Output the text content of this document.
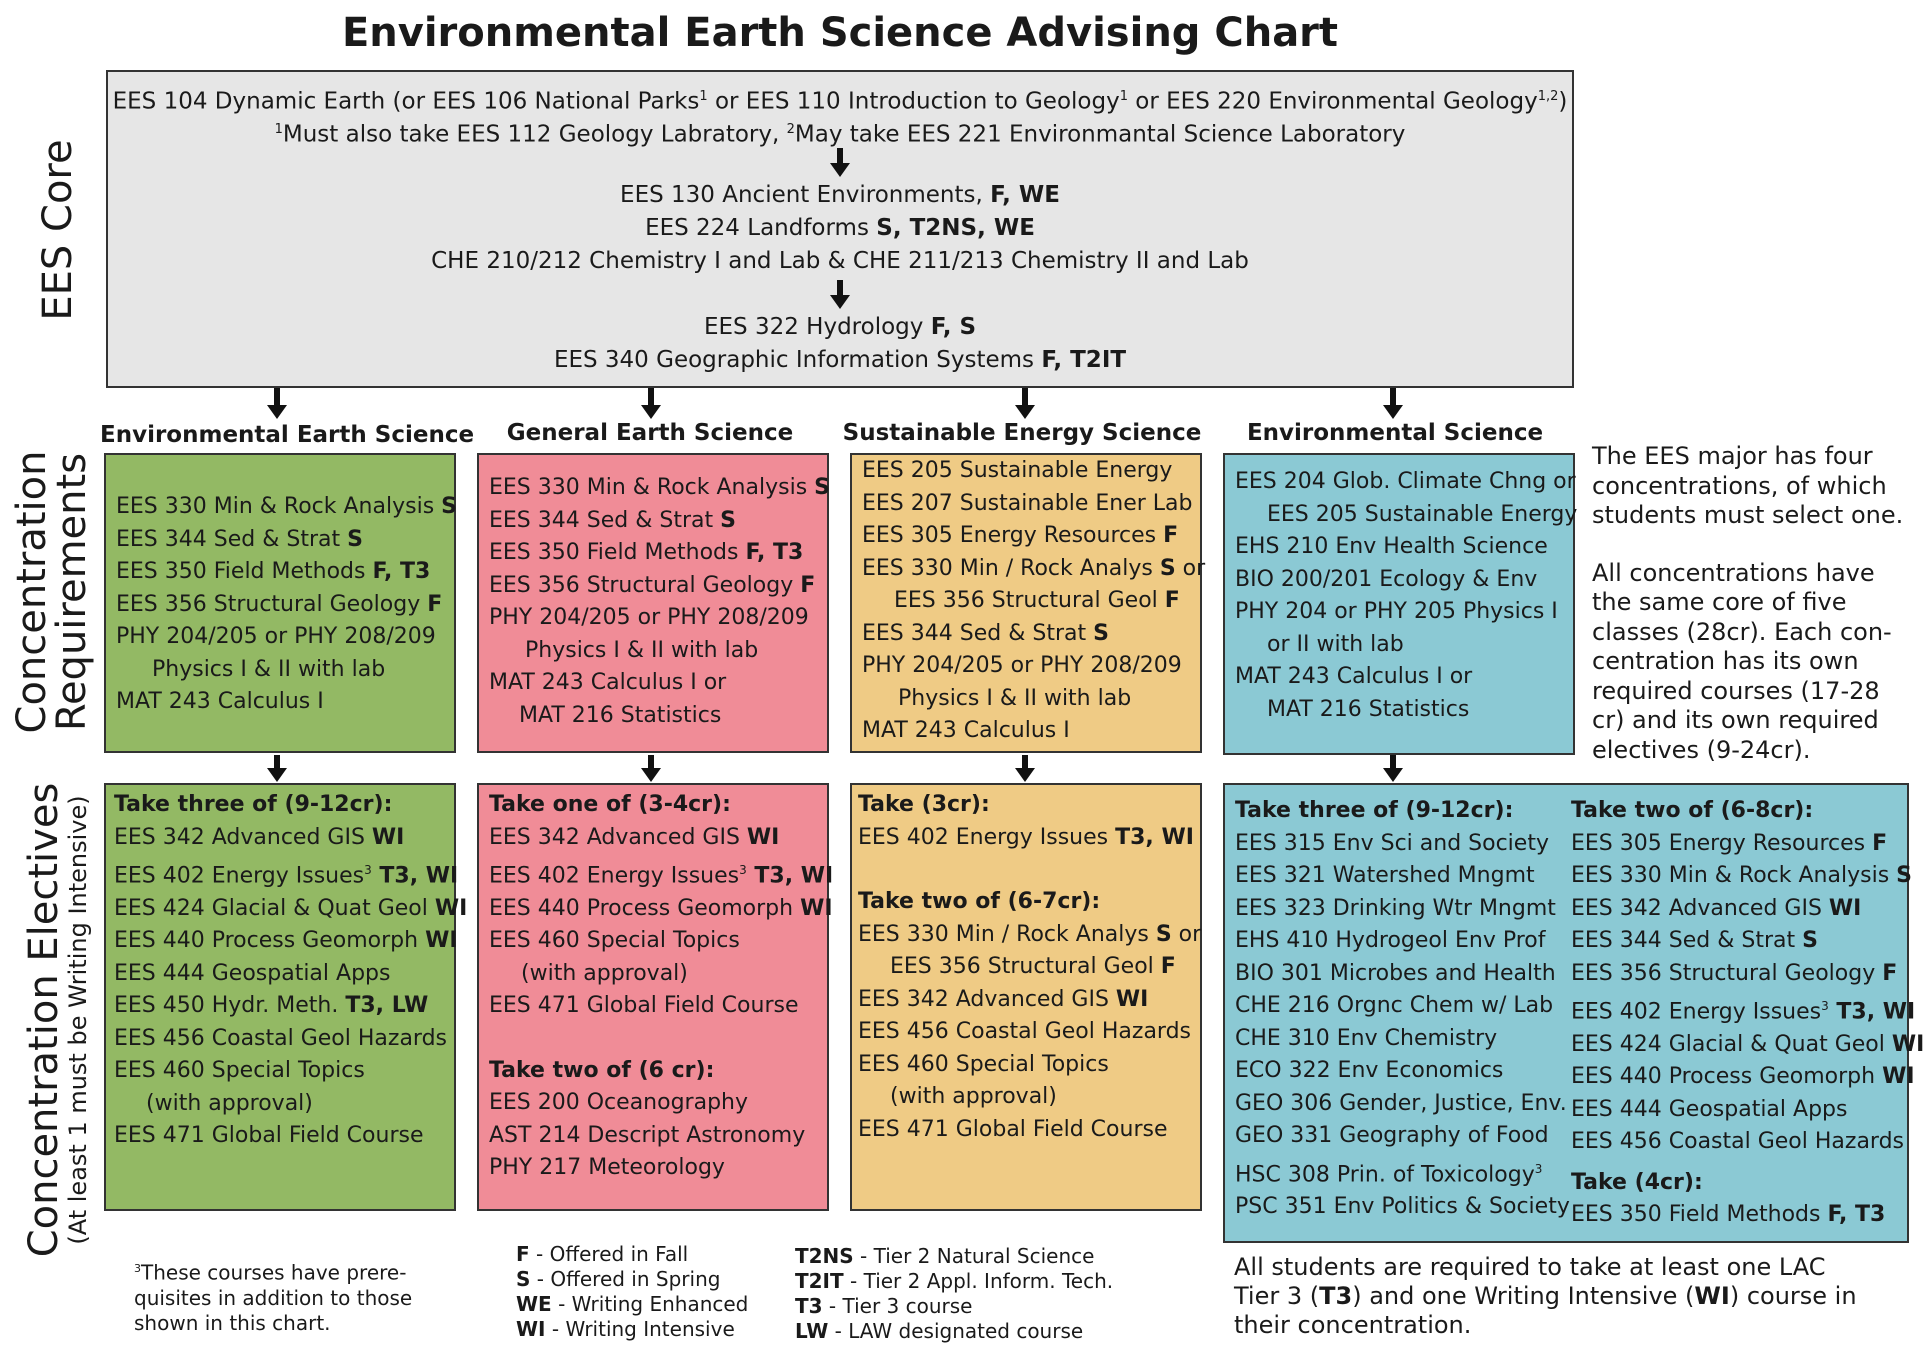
Environmental Earth Science Advising Chart
EES Core
Concentration
Requirements
Concentration Electives
(At least 1 must be Writing Intensive)
EES 104 Dynamic Earth (or EES 106 National Parks$^1$ or EES 110 Introduction to Geology$^1$ or EES 220 Environmental Geology$^{1,2}$)
$^1$Must also take EES 112 Geology Labratory, $^2$May take EES 221 Environmantal Science Laboratory
EES 130 Ancient Environments, F, WE
EES 224 Landforms S, T2NS, WE
CHE 210/212 Chemistry I and Lab & CHE 211/213 Chemistry II and Lab
EES 322 Hydrology F, S
EES 340 Geographic Information Systems F, T2IT
Environmental Earth Science	General Earth Science	Sustainable Energy Science	Environmental Science
EES 330 Min & Rock Analysis S
EES 344 Sed & Strat S
EES 350 Field Methods F, T3
EES 356 Structural Geology F
PHY 204/205 or PHY 208/209
Physics I & II with lab
MAT 243 Calculus I
EES 330 Min & Rock Analysis S
EES 344 Sed & Strat S
EES 350 Field Methods F, T3
EES 356 Structural Geology F
PHY 204/205 or PHY 208/209
Physics I & II with lab
MAT 243 Calculus I or
MAT 216 Statistics
EES 205 Sustainable Energy
EES 207 Sustainable Ener Lab
EES 305 Energy Resources F
EES 330 Min / Rock Analys S or
EES 356 Structural Geol F
EES 344 Sed & Strat S
PHY 204/205 or PHY 208/209
Physics I & II with lab
MAT 243 Calculus I
EES 204 Glob. Climate Chng or
EES 205 Sustainable Energy
EHS 210 Env Health Science
BIO 200/201 Ecology & Env
PHY 204 or PHY 205 Physics I
or II with lab
MAT 243 Calculus I or
MAT 216 Statistics
The EES major has four
concentrations, of which
students must select one.
All concentrations have
the same core of five
classes (28cr). Each con-
centration has its own
required courses (17-28
cr) and its own required
electives (9-24cr).
Take three of (9-12cr):
EES 342 Advanced GIS WI
EES 402 Energy Issues$^3$ T3, WI
EES 424 Glacial & Quat Geol WI
EES 440 Process Geomorph WI
EES 444 Geospatial Apps
EES 450 Hydr. Meth. T3, LW
EES 456 Coastal Geol Hazards
EES 460 Special Topics
(with approval)
EES 471 Global Field Course
Take one of (3-4cr):
EES 342 Advanced GIS WI
EES 402 Energy Issues$^3$ T3, WI
EES 440 Process Geomorph WI
EES 460 Special Topics
(with approval)
EES 471 Global Field Course
Take two of (6 cr):
EES 200 Oceanography
AST 214 Descript Astronomy
PHY 217 Meteorology
Take (3cr):
EES 402 Energy Issues T3, WI
Take two of (6-7cr):
EES 330 Min / Rock Analys S or
EES 356 Structural Geol F
EES 342 Advanced GIS WI
EES 456 Coastal Geol Hazards
EES 460 Special Topics
(with approval)
EES 471 Global Field Course
Take three of (9-12cr):
EES 315 Env Sci and Society
EES 321 Watershed Mngmt
EES 323 Drinking Wtr Mngmt
EHS 410 Hydrogeol Env Prof
BIO 301 Microbes and Health
CHE 216 Orgnc Chem w/ Lab
CHE 310 Env Chemistry
ECO 322 Env Economics
GEO 306 Gender, Justice, Env.
GEO 331 Geography of Food
HSC 308 Prin. of Toxicology$^3$
PSC 351 Env Politics & Society
Take two of (6-8cr):
EES 305 Energy Resources F
EES 330 Min & Rock Analysis S
EES 342 Advanced GIS WI
EES 344 Sed & Strat S
EES 356 Structural Geology F
EES 402 Energy Issues$^3$ T3, WI
EES 424 Glacial & Quat Geol WI
EES 440 Process Geomorph WI
EES 444 Geospatial Apps
EES 456 Coastal Geol Hazards
Take (4cr):
EES 350 Field Methods F, T3
$^3$These courses have prere-
quisites in addition to those
shown in this chart.
F - Offered in Fall
S - Offered in Spring
WE - Writing Enhanced
WI - Writing Intensive
T2NS - Tier 2 Natural Science
T2IT - Tier 2 Appl. Inform. Tech.
T3 - Tier 3 course
LW - LAW designated course
All students are required to take at least one LAC
Tier 3 (T3) and one Writing Intensive (WI) course in
their concentration.
